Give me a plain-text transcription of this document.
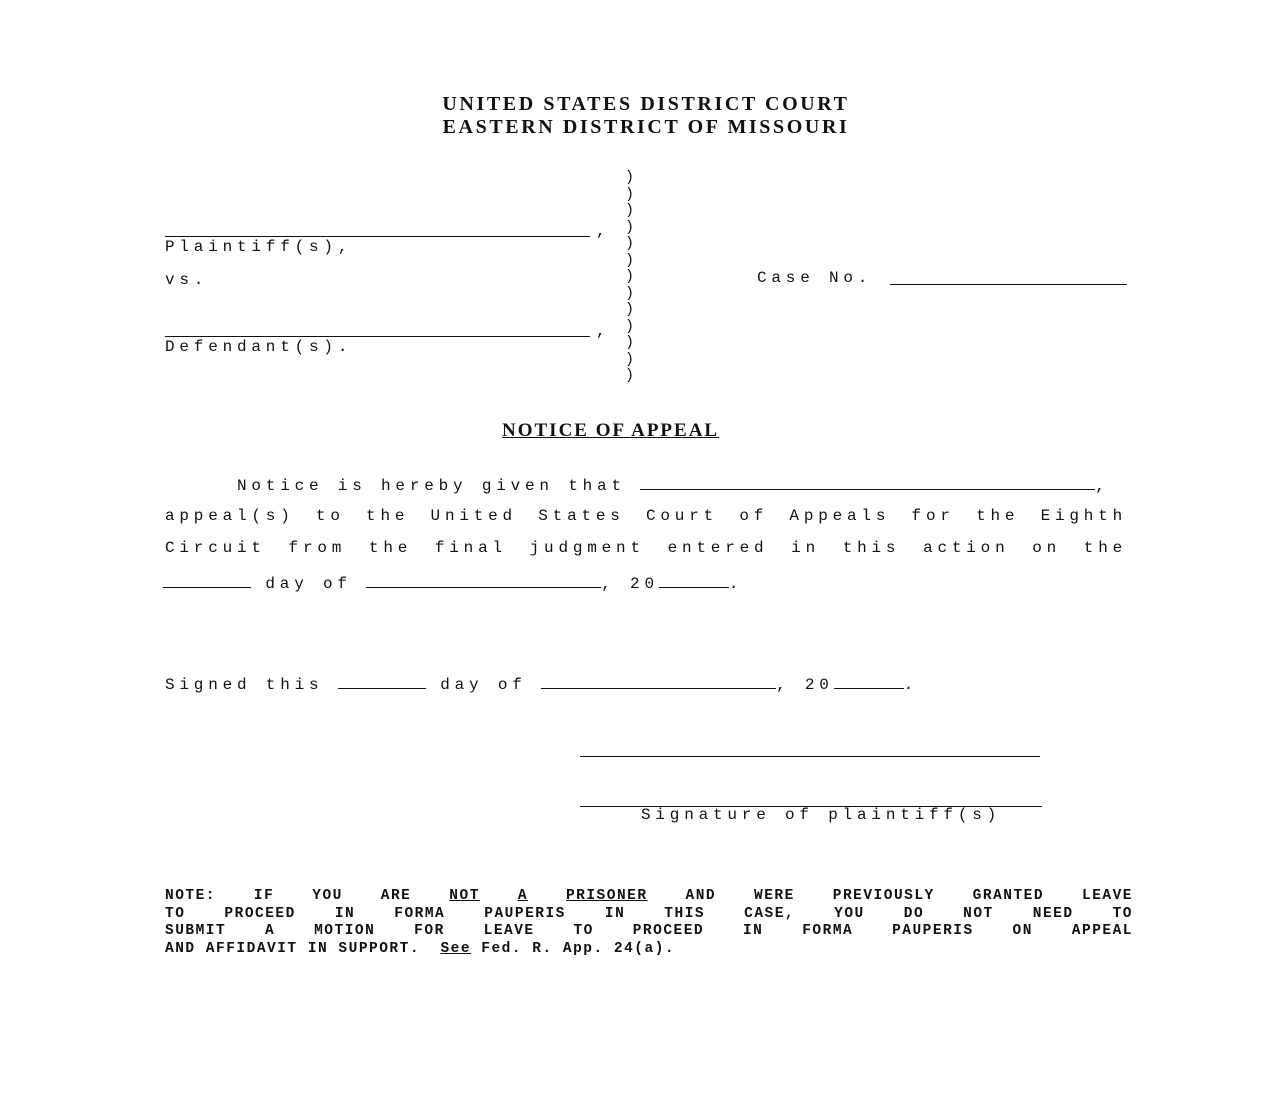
UNITED STATES DISTRICT COURT
EASTERN DISTRICT OF MISSOURI
,
Plaintiff(s),
vs.
,
Defendant(s).
)
)
)
)
)
)
)
)
)
)
)
)
)
Case No.
NOTICE OF APPEAL
Notice is hereby given that	,
appeal(s) to the United States Court of Appeals for the Eighth
Circuit from the final judgment entered in this action on the
day of	, 20	.
Signed this	day of	, 20	.
Signature of plaintiff(s)
NOTE: IF YOU ARE	NOT	A	PRISONER	AND WERE PREVIOUSLY GRANTED LEAVE
TO PROCEED IN FORMA PAUPERIS IN THIS CASE, YOU DO NOT NEED TO
SUBMIT A MOTION FOR LEAVE TO PROCEED IN FORMA PAUPERIS ON APPEAL
AND AFFIDAVIT IN SUPPORT. See Fed. R. App. 24(a).
